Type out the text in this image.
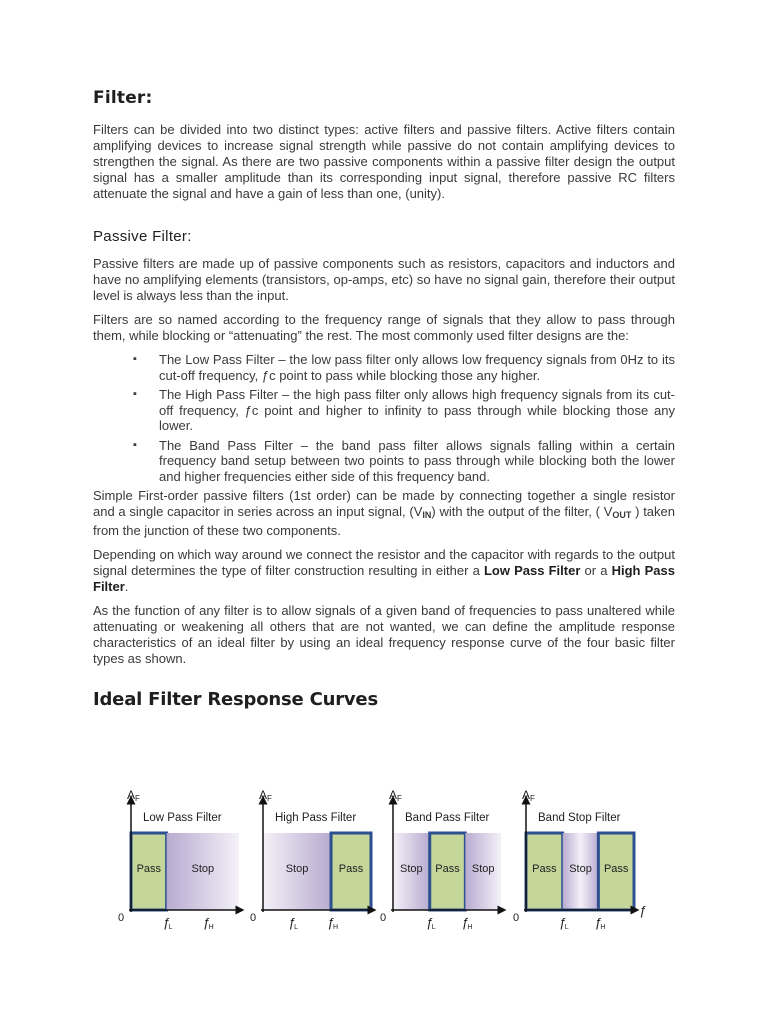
Filter:

Filters can be divided into two distinct types: active filters and passive filters. Active filters contain amplifying devices to increase signal strength while passive do not contain amplifying devices to strengthen the signal. As there are two passive components within a passive filter design the output signal has a smaller amplitude than its corresponding input signal, therefore passive RC filters attenuate the signal and have a gain of less than one, (unity).

Passive Filter:

Passive filters are made up of passive components such as resistors, capacitors and inductors and have no amplifying elements (transistors, op-amps, etc) so have no signal gain, therefore their output level is always less than the input.

Filters are so named according to the frequency range of signals that they allow to pass through them, while blocking or “attenuating” the rest. The most commonly used filter designs are the:

▪ The Low Pass Filter – the low pass filter only allows low frequency signals from 0Hz to its cut-off frequency, ƒc point to pass while blocking those any higher.
▪ The High Pass Filter – the high pass filter only allows high frequency signals from its cut-off frequency, ƒc point and higher to infinity to pass through while blocking those any lower.
▪ The Band Pass Filter – the band pass filter allows signals falling within a certain frequency band setup between two points to pass through while blocking both the lower and higher frequencies either side of this frequency band.

Simple First-order passive filters (1st order) can be made by connecting together a single resistor and a single capacitor in series across an input signal, $(V_{IN})$ with the output of the filter, ( $V_{OUT}$ ) taken from the junction of these two components.

Depending on which way around we connect the resistor and the capacitor with regards to the output signal determines the type of filter construction resulting in either a Low Pass Filter or a High Pass Filter.

As the function of any filter is to allow signals of a given band of frequencies to pass unaltered while attenuating or weakening all others that are not wanted, we can define the amplitude response characteristics of an ideal filter by using an ideal frequency response curve of the four basic filter types as shown.

Ideal Filter Response Curves
Pass	Stop
A F
Low Pass Filter
0	ƒ
L ƒ
H
Stop	Pass
A F
High Pass Filter
0 ƒ
L ƒ
H
Stop Pass Stop
A F
Band Pass Filter
0	ƒ
L ƒ
H
Pass Stop Pass
A F
Band Stop Filter
0	ƒ
L ƒ
H
ƒ
